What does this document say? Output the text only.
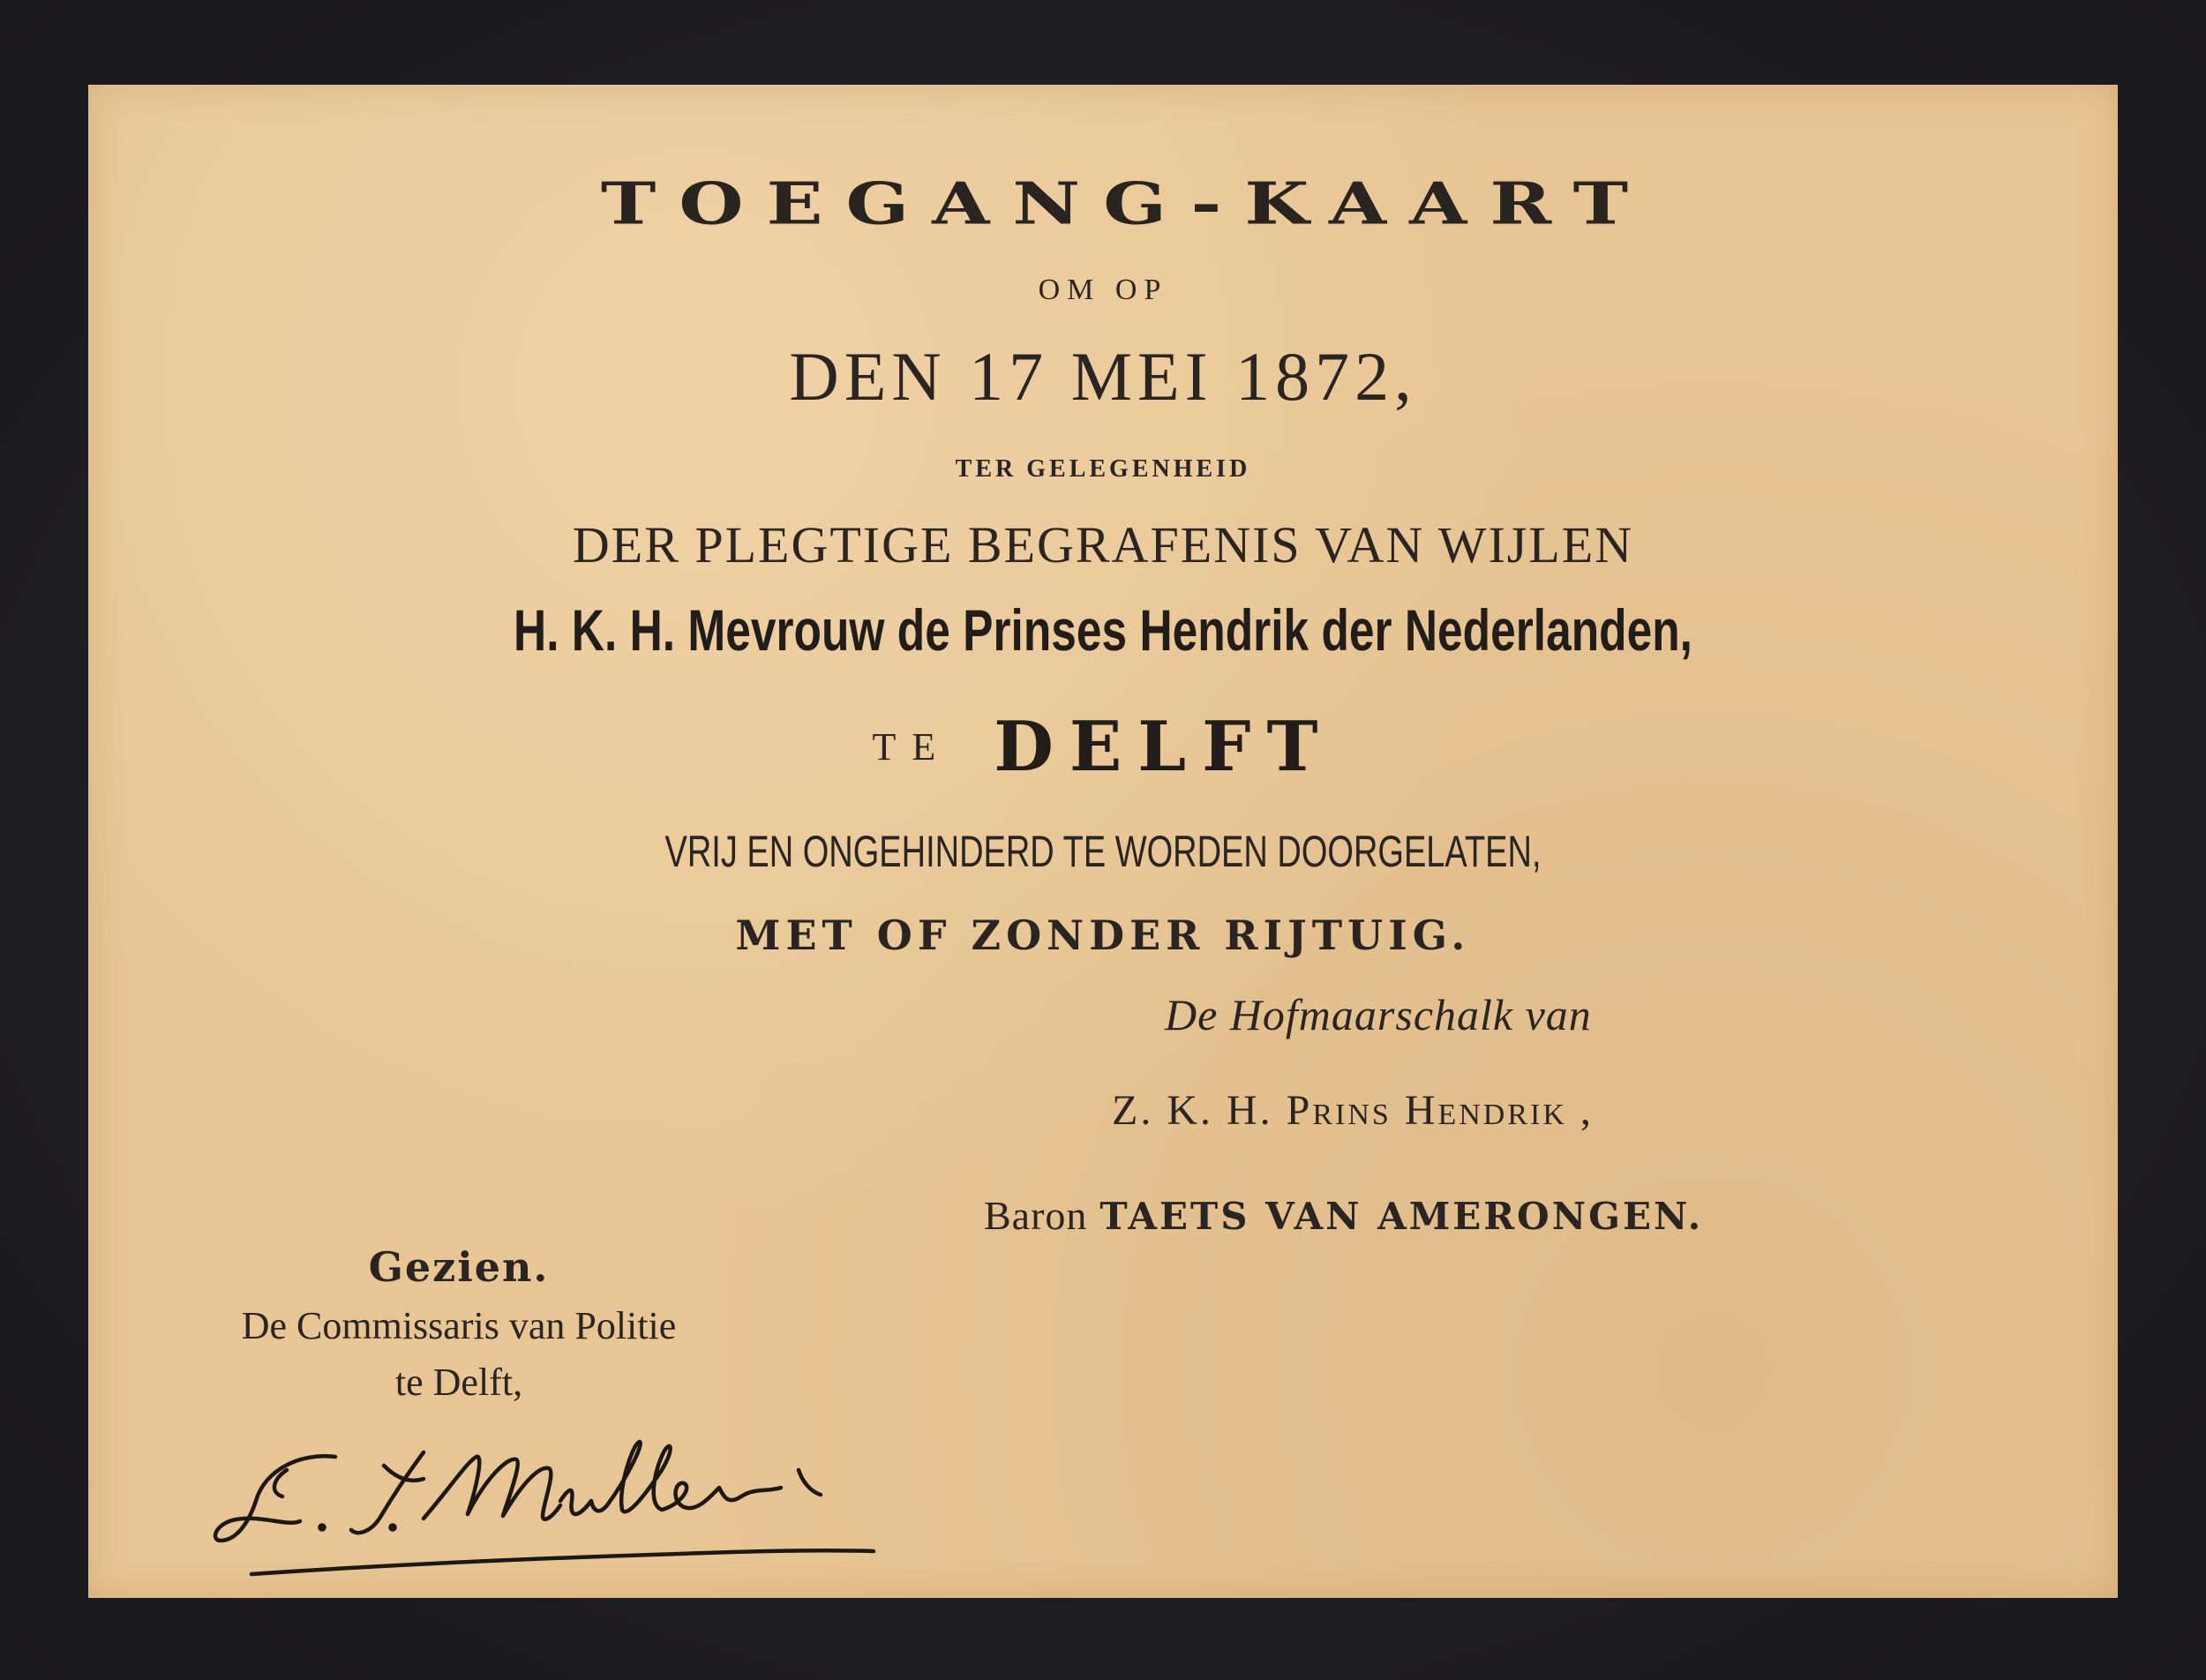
TOEGANG-KAART
OM OP
DEN 17 MEI 1872,
TER GELEGENHEID
DER PLEGTIGE BEGRAFENIS VAN WIJLEN
H. K. H. Mevrouw de Prinses Hendrik der Nederlanden,
TE DELFT
VRIJ EN ONGEHINDERD TE WORDEN DOORGELATEN,
MET OF ZONDER RIJTUIG.
De Hofmaarschalk van
Z. K. H. Prins Hendrik ,
Baron TAETS VAN AMERONGEN.
Gezien.
De Commissaris van Politie
te Delft,
